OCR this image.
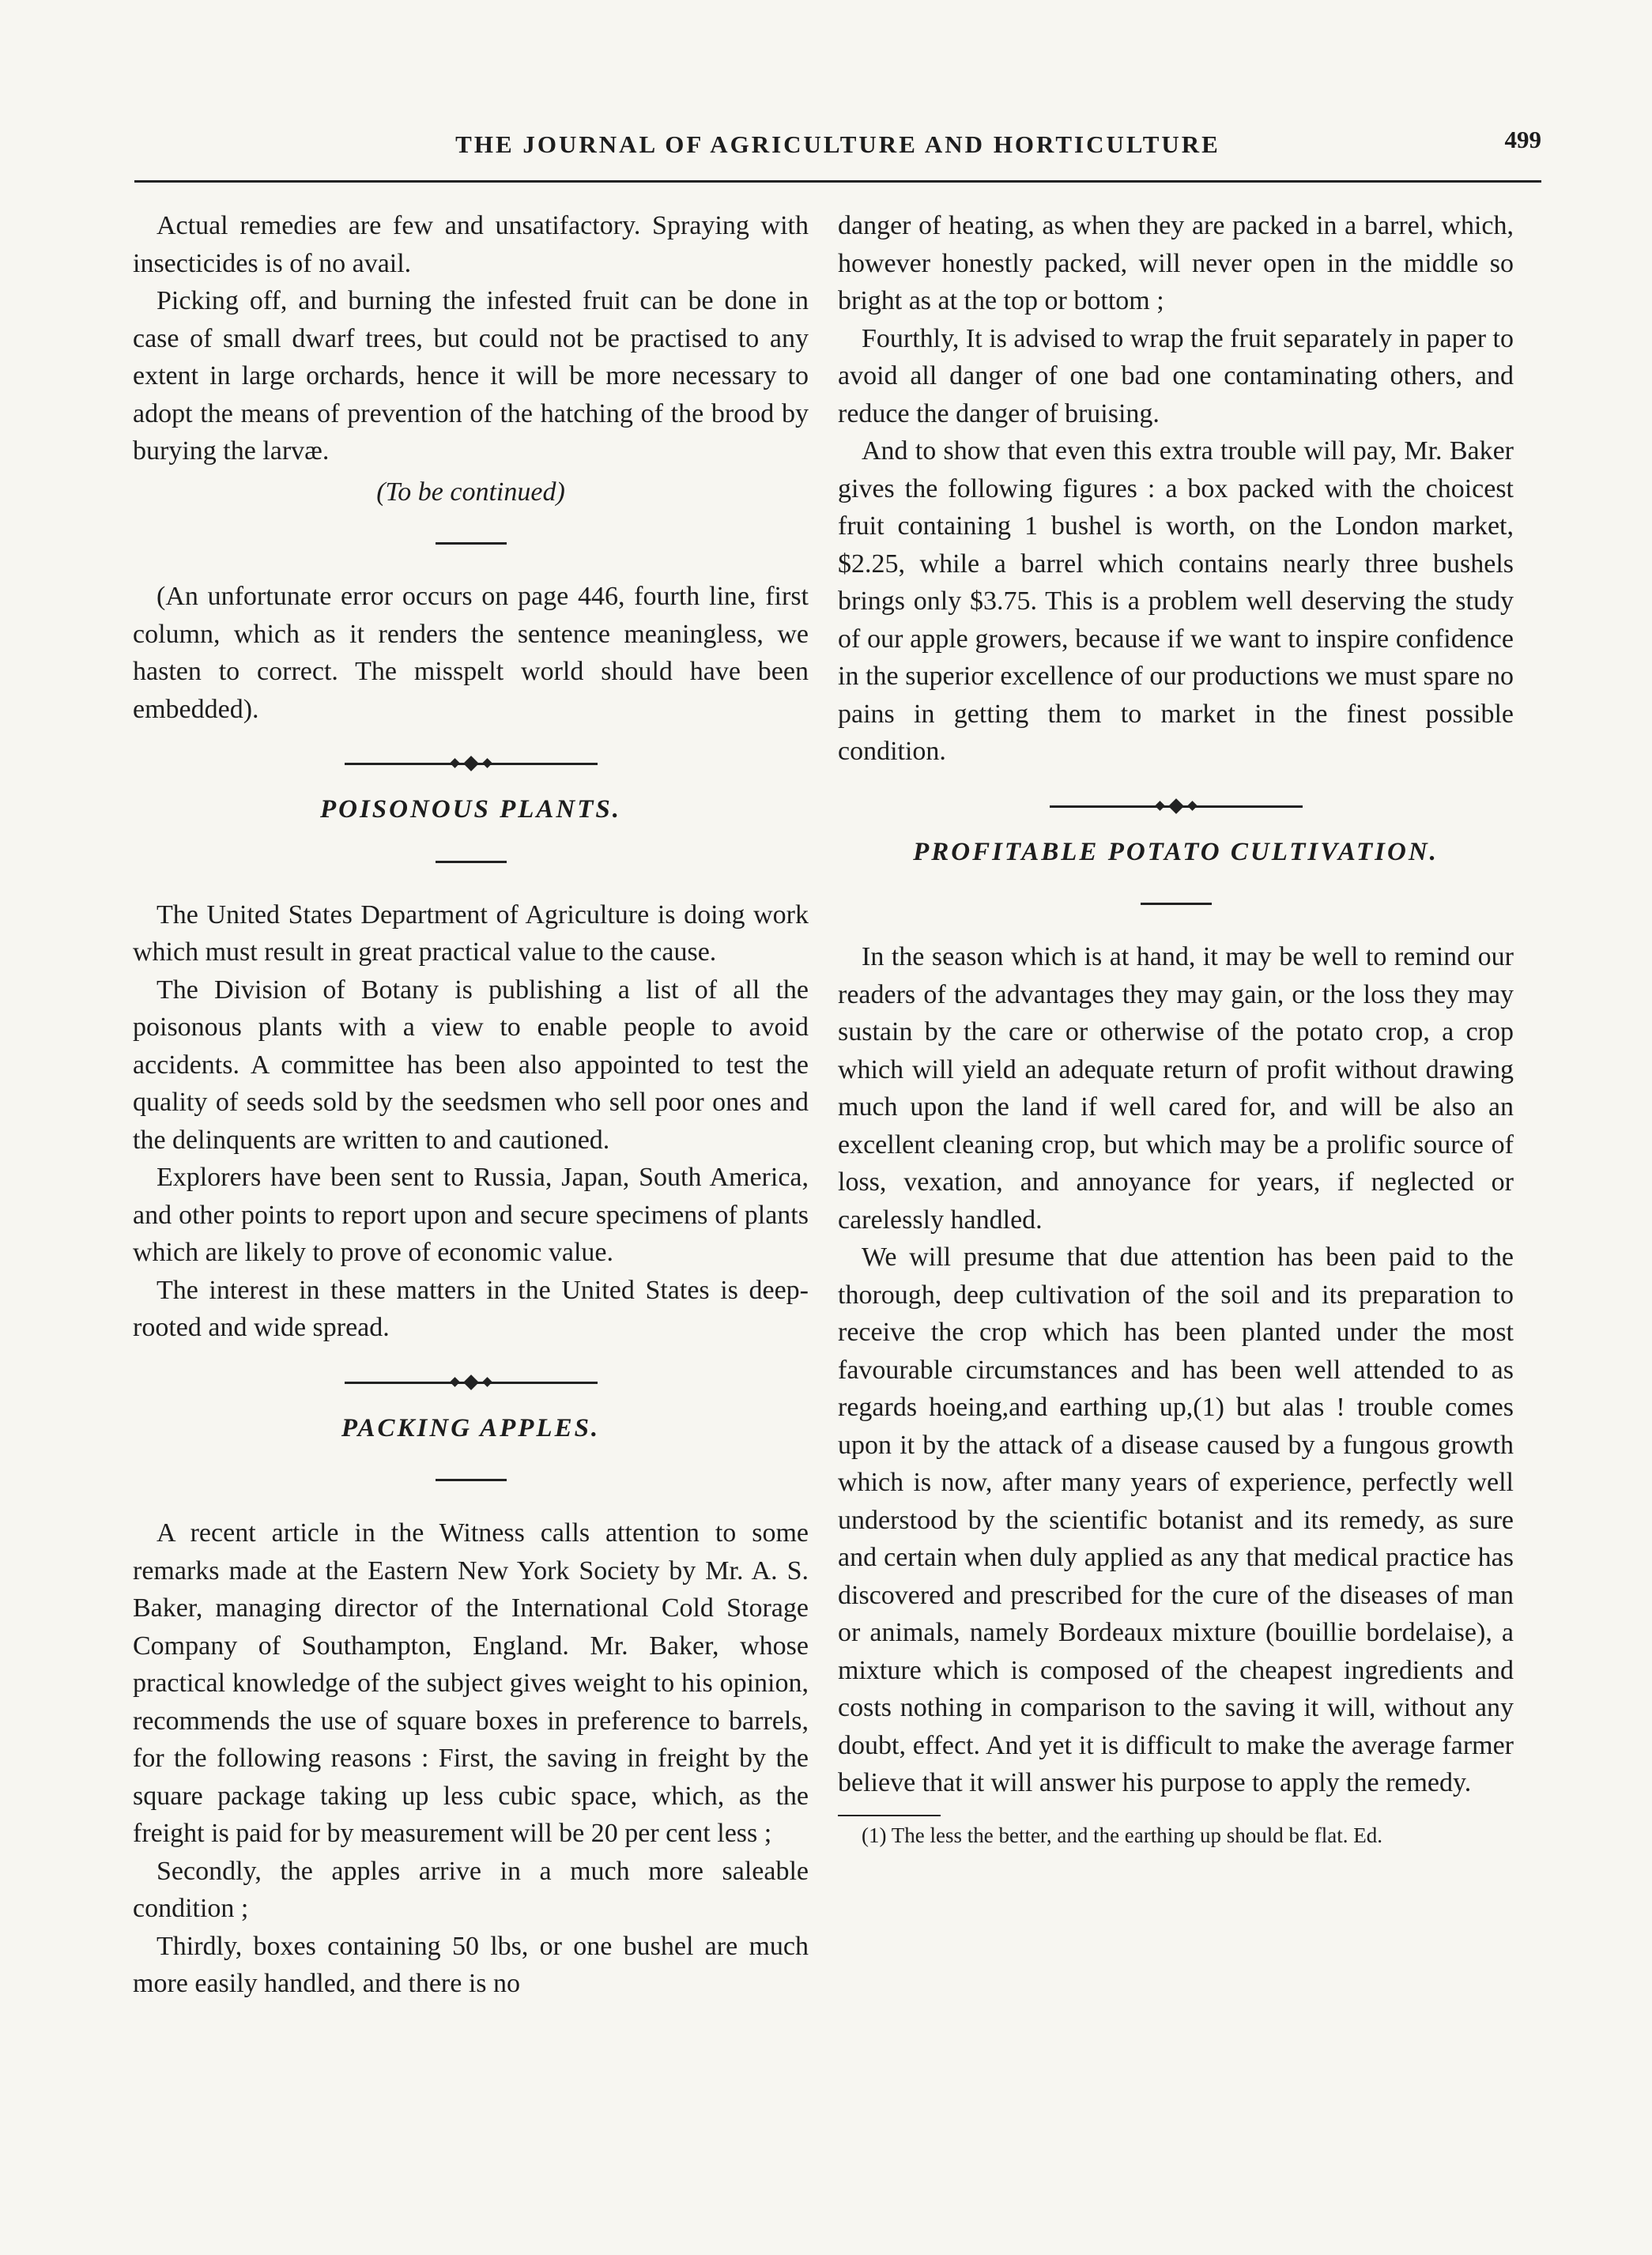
THE JOURNAL OF AGRICULTURE AND HORTICULTURE	499

Actual remedies are few and unsatifactory. Spraying with insecticides is of no avail.

Picking off, and burning the infested fruit can be done in case of small dwarf trees, but could not be practised to any extent in large orchards, hence it will be more necessary to adopt the means of prevention of the hatching of the brood by burying the larvæ.

(To be continued)

(An unfortunate error occurs on page 446, fourth line, first column, which as it renders the sentence meaningless, we hasten to correct. The misspelt world should have been embedded).

POISONOUS PLANTS.

The United States Department of Agriculture is doing work which must result in great practical value to the cause.

The Division of Botany is publishing a list of all the poisonous plants with a view to enable people to avoid accidents. A committee has been also appointed to test the quality of seeds sold by the seedsmen who sell poor ones and the delinquents are written to and cautioned.

Explorers have been sent to Russia, Japan, South America, and other points to report upon and secure specimens of plants which are likely to prove of economic value.

The interest in these matters in the United States is deep-rooted and wide spread.

PACKING APPLES.

A recent article in the Witness calls attention to some remarks made at the Eastern New York Society by Mr. A. S. Baker, managing director of the International Cold Storage Company of Southampton, England. Mr. Baker, whose practical knowledge of the subject gives weight to his opinion, recommends the use of square boxes in preference to barrels, for the following reasons : First, the saving in freight by the square package taking up less cubic space, which, as the freight is paid for by measurement will be 20 per cent less ;

Secondly, the apples arrive in a much more saleable condition ;

Thirdly, boxes containing 50 lbs, or one bushel are much more easily handled, and there is no

danger of heating, as when they are packed in a barrel, which, however honestly packed, will never open in the middle so bright as at the top or bottom ;

Fourthly, It is advised to wrap the fruit separately in paper to avoid all danger of one bad one contaminating others, and reduce the danger of bruising.

And to show that even this extra trouble will pay, Mr. Baker gives the following figures : a box packed with the choicest fruit containing 1 bushel is worth, on the London market, $2.25, while a barrel which contains nearly three bushels brings only $3.75. This is a problem well deserving the study of our apple growers, because if we want to inspire confidence in the superior excellence of our productions we must spare no pains in getting them to market in the finest possible condition.

PROFITABLE POTATO CULTIVATION.

In the season which is at hand, it may be well to remind our readers of the advantages they may gain, or the loss they may sustain by the care or otherwise of the potato crop, a crop which will yield an adequate return of profit without drawing much upon the land if well cared for, and will be also an excellent cleaning crop, but which may be a prolific source of loss, vexation, and annoyance for years, if neglected or carelessly handled.

We will presume that due attention has been paid to the thorough, deep cultivation of the soil and its preparation to receive the crop which has been planted under the most favourable circumstances and has been well attended to as regards hoeing,and earthing up,(1) but alas ! trouble comes upon it by the attack of a disease caused by a fungous growth which is now, after many years of experience, perfectly well understood by the scientific botanist and its remedy, as sure and certain when duly applied as any that medical practice has discovered and prescribed for the cure of the diseases of man or animals, namely Bordeaux mixture (bouillie bordelaise), a mixture which is composed of the cheapest ingredients and costs nothing in comparison to the saving it will, without any doubt, effect. And yet it is difficult to make the average farmer believe that it will answer his purpose to apply the remedy.

(1) The less the better, and the earthing up should be flat. Ed.
